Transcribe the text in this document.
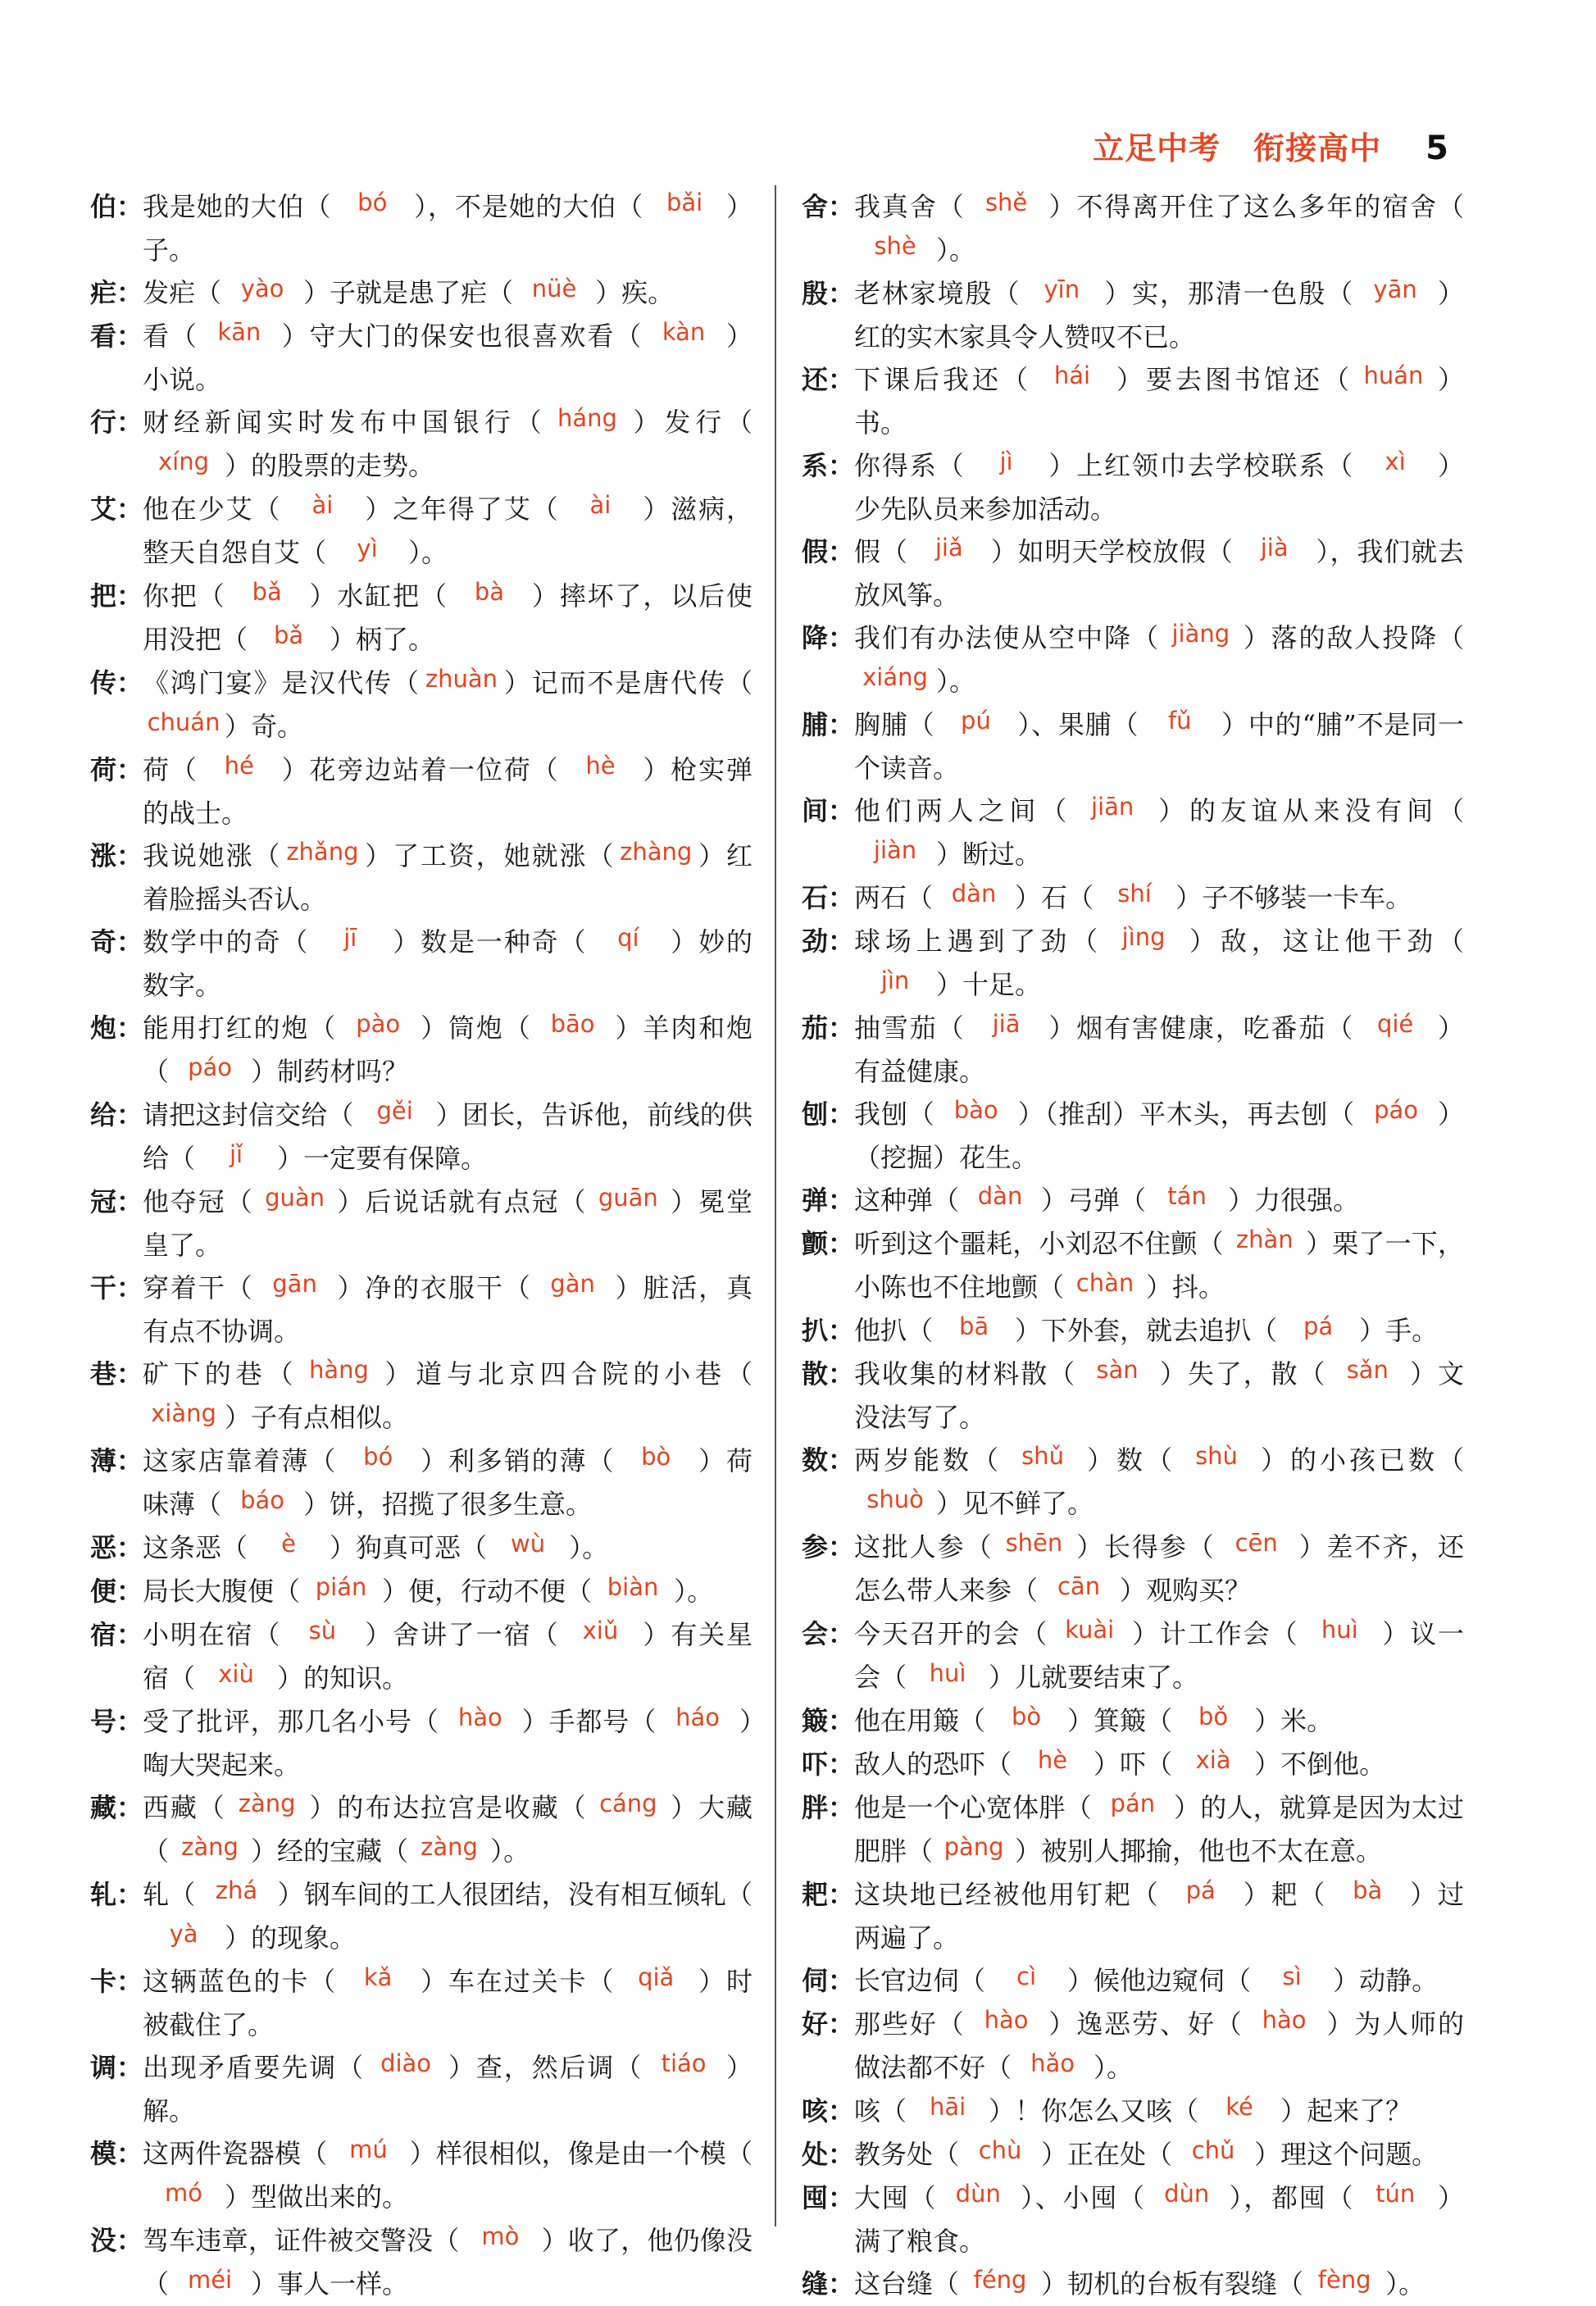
立足中考 衔接高中 5
伯 ： 我是她的大伯（ bó ），不是她的大伯（ bǎi ）子。
疟 ： 发疟（ yào ）子就是患了疟（ nüè ）疾。
看 ： 看（ kān ）守大门的保安也很喜欢看（ kàn ）小说。
行 ： 财经新闻实时发布中国银行（ háng ）发行（xíng ）的股票的走势。
艾 ： 他在少艾（ ài ）之年得了艾（ ài ）滋病，整天自怨自艾（ yì ）。
把 ： 你把（ bǎ ）水缸把（ bà ）摔坏了，以后使用没把（ bǎ ）柄了。
传 ： 《鸿门宴》是汉代传（ zhuàn ）记而不是唐代传（chuán ）奇。
荷 ： 荷（ hé ）花旁边站着一位荷（ hè ）枪实弹的战士。
涨 ： 我说她涨（ zhǎng ）了工资，她就涨（ zhàng ）红着脸摇头否认。
奇 ： 数学中的奇（ jī ）数是一种奇（ qí ）妙的数字。
炮 ： 能用打红的炮（ pào ）筒炮（ bāo ）羊肉和炮（ páo ）制药材吗？
给 ： 请把这封信交给（ gěi ）团长，告诉他，前线的供给（ jǐ ）一定要有保障。
冠 ： 他夺冠（ guàn ）后说话就有点冠（ guān ）冕堂皇了。
干 ： 穿着干（ gān ）净的衣服干（ gàn ）脏活，真有点不协调。
巷 ： 矿下的巷（ hàng ）道与北京四合院的小巷（xiàng ）子有点相似。
薄 ： 这家店靠着薄（ bó ）利多销的薄（ bò ）荷味薄（ báo ）饼，招揽了很多生意。
恶 ： 这条恶（ è ）狗真可恶（ wù ）。
便 ： 局长大腹便（ pián ）便，行动不便（ biàn ）。
宿 ： 小明在宿（ sù ）舍讲了一宿（ xiǔ ）有关星宿（ xiù ）的知识。
号 ： 受了批评，那几名小号（ hào ）手都号（ háo ）啕大哭起来。
藏 ： 西藏（ zàng ）的布达拉宫是收藏（ cáng ）大藏（ zàng ）经的宝藏（ zàng ）。
轧 ： 轧（ zhá ）钢车间的工人很团结，没有相互倾轧（yà ）的现象。
卡 ： 这辆蓝色的卡（ kǎ ）车在过关卡（ qiǎ ）时被截住了。
调 ： 出现矛盾要先调（ diào ）查，然后调（ tiáo ）解。
模 ： 这两件瓷器模（ mú ）样很相似，像是由一个模（mó ）型做出来的。
没 ： 驾车违章，证件被交警没（ mò ）收了，他仍像没（ méi ）事人一样。
舍 ： 我真舍（ shě ）不得离开住了这么多年的宿舍（shè ）。
殷 ： 老林家境殷（ yīn ）实，那清一色殷（ yān ）红的实木家具令人赞叹不已。
还 ： 下课后我还（ hái ）要去图书馆还（ huán ）书。
系 ： 你得系（ jì ）上红领巾去学校联系（ xì ）少先队员来参加活动。
假 ： 假（ jiǎ ）如明天学校放假（ jià ），我们就去放风筝。
降 ： 我们有办法使从空中降（ jiàng ）落的敌人投降（xiáng ）。
脯 ： 胸脯（ pú ）、果脯（ fǔ ）中的“脯”不是同一个读音。
间 ： 他们两人之间（ jiān ）的友谊从来没有间（jiàn ）断过。
石 ： 两石（ dàn ）石（ shí ）子不够装一卡车。
劲 ： 球场上遇到了劲（ jìng ）敌，这让他干劲（jìn ）十足。
茄 ： 抽雪茄（ jiā ）烟有害健康，吃番茄（ qié ）有益健康。
刨 ： 我刨（ bào ）（推刮）平木头，再去刨（ páo ）（挖掘）花生。
弹 ： 这种弹（ dàn ）弓弹（ tán ）力很强。
颤 ： 听到这个噩耗，小刘忍不住颤（ zhàn ）栗了一下，小陈也不住地颤（ chàn ）抖。
扒 ： 他扒（ bā ）下外套，就去追扒（ pá ）手。
散 ： 我收集的材料散（ sàn ）失了，散（ sǎn ）文没法写了。
数 ： 两岁能数（ shǔ ）数（ shù ）的小孩已数（shuò ）见不鲜了。
参 ： 这批人参（ shēn ）长得参（ cēn ）差不齐，还怎么带人来参（ cān ）观购买？
会 ： 今天召开的会（ kuài ）计工作会（ huì ）议一会（ huì ）儿就要结束了。
簸 ： 他在用簸（ bò ）箕簸（ bǒ ）米。
吓 ： 敌人的恐吓（ hè ）吓（ xià ）不倒他。
胖 ： 他是一个心宽体胖（ pán ）的人，就算是因为太过肥胖（ pàng ）被别人揶揄，他也不太在意。
耙 ： 这块地已经被他用钉耙（ pá ）耙（ bà ）过两遍了。
伺 ： 长官边伺（ cì ）候他边窥伺（ sì ）动静。
好 ： 那些好（ hào ）逸恶劳、好（ hào ）为人师的做法都不好（ hǎo ）。
咳 ： 咳（ hāi ）！你怎么又咳（ ké ）起来了？
处 ： 教务处（ chù ）正在处（ chǔ ）理这个问题。
囤 ： 大囤（ dùn ）、小囤（ dùn ），都囤（ tún ）满了粮食。
缝 ： 这台缝（ féng ）韧机的台板有裂缝（ fèng ）。
